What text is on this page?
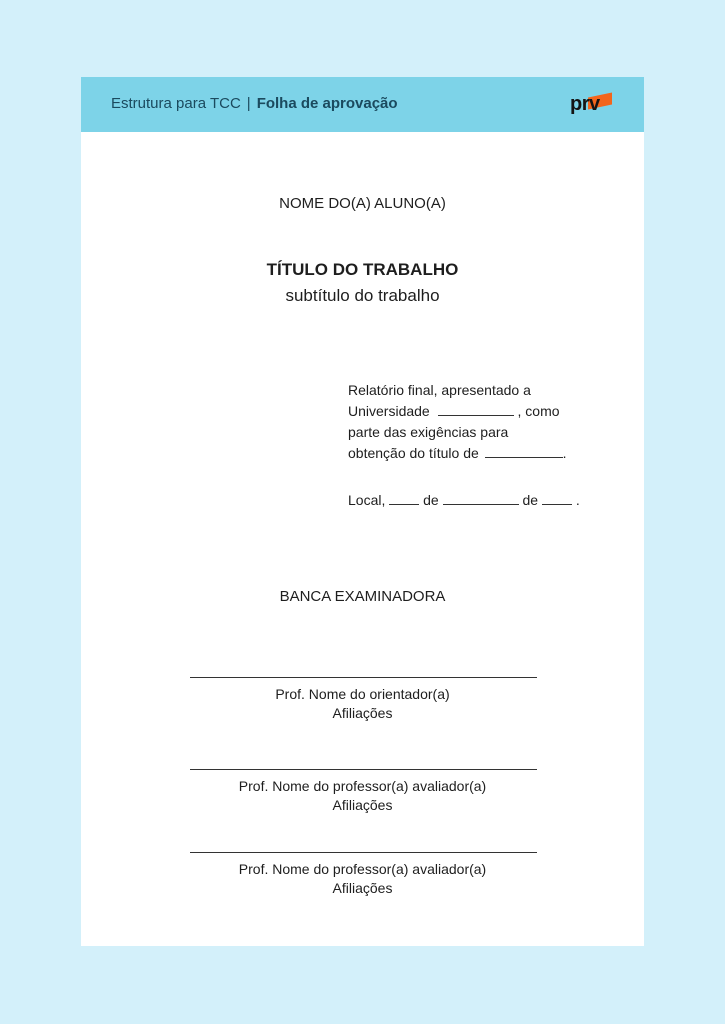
Estrutura para TCC | Folha de aprovação	prv
NOME DO(A) ALUNO(A)
TÍTULO DO TRABALHO
subtítulo do trabalho
Relatório final, apresentado a
Universidade	, como
parte das exigências para
obtenção do título de	.
Local,	de	de	.
BANCA EXAMINADORA
Prof. Nome do orientador(a)
Afiliações
Prof. Nome do professor(a) avaliador(a)
Afiliações
Prof. Nome do professor(a) avaliador(a)
Afiliações
